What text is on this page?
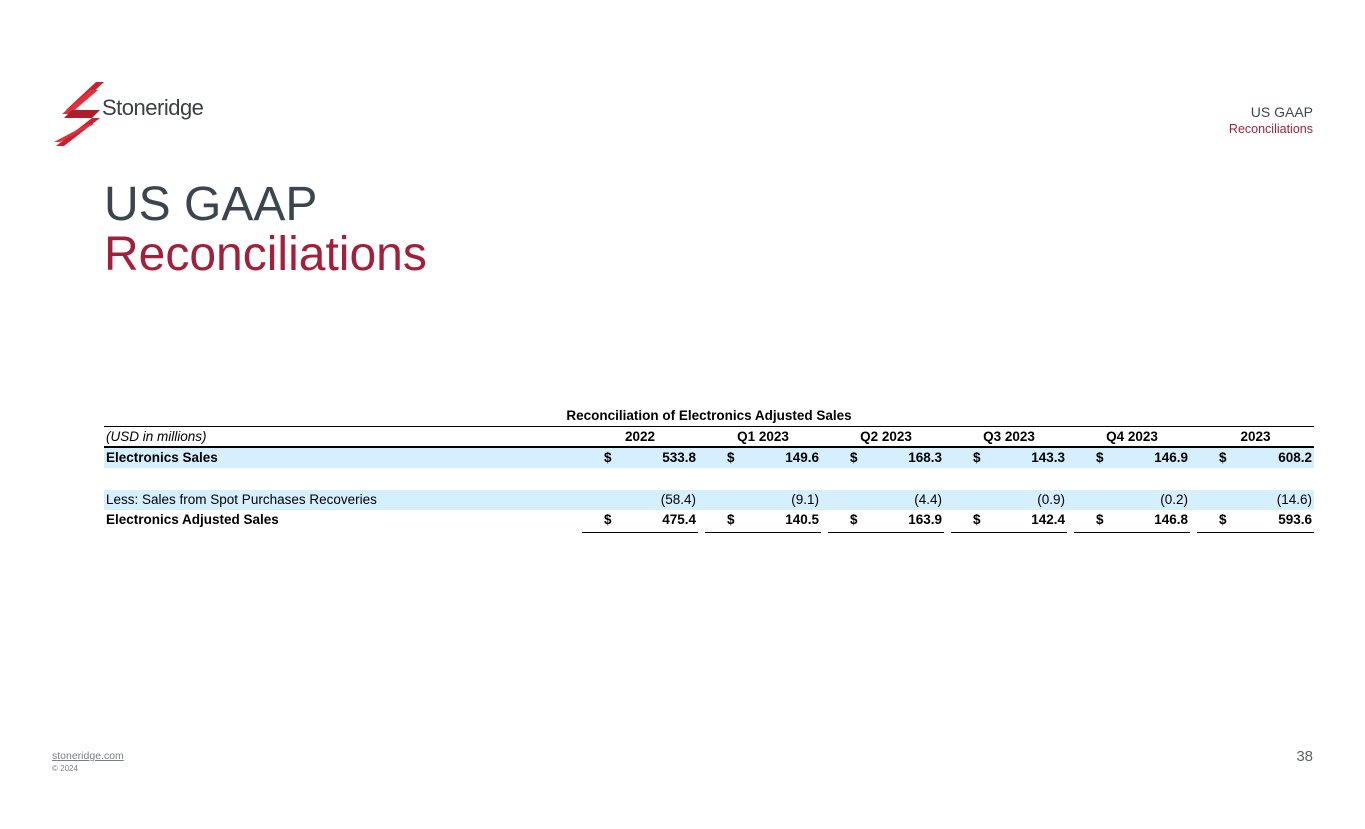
Stoneridge	US GAAP
Reconciliations
US GAAP
Reconciliations
Reconciliation of Electronics Adjusted Sales
(USD in millions)	2022	Q1 2023	Q2 2023	Q3 2023	Q4 2023	2023
Electronics Sales	$	533.8 $	149.6 $	168.3 $	143.3 $	146.9 $	608.2
Less: Sales from Spot Purchases Recoveries	(58.4)	(9.1)	(4.4)	(0.9)	(0.2)	(14.6)
Electronics Adjusted Sales	$	475.4 $	140.5 $	163.9 $	142.4 $	146.8 $	593.6
stoneridge.com
© 2024
38
